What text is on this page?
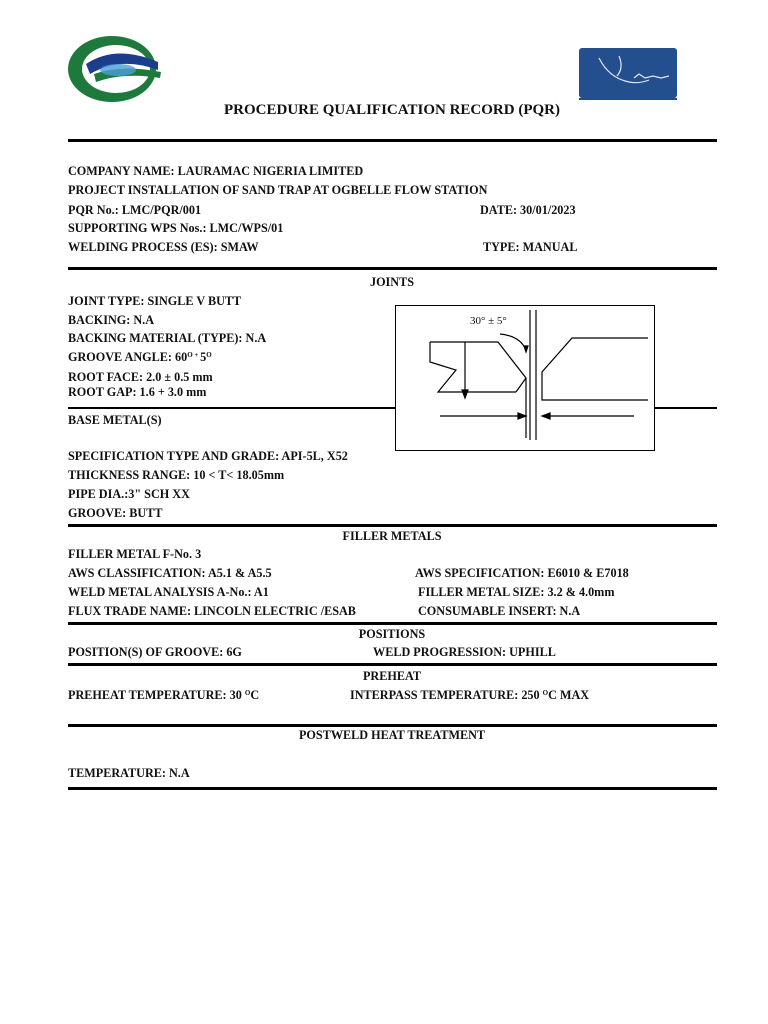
PROCEDURE QUALIFICATION RECORD (PQR)
COMPANY NAME: LAURAMAC NIGERIA LIMITED
PROJECT INSTALLATION OF SAND TRAP AT OGBELLE FLOW STATION
PQR No.: LMC/PQR/001	DATE: 30/01/2023
SUPPORTING WPS Nos.: LMC/WPS/01
WELDING PROCESS (ES): SMAW	TYPE: MANUAL
JOINTS
JOINT TYPE: SINGLE V BUTT
BACKING: N.A
BACKING MATERIAL (TYPE): N.A
GROOVE ANGLE: $60^O$ + $5^O$
ROOT FACE: 2.0 ± 0.5 mm
ROOT GAP: 1.6 + 3.0 mm
30° ± 5°
BASE METAL(S)
SPECIFICATION TYPE AND GRADE: API-5L, X52
THICKNESS RANGE: 10 < T< 18.05mm
PIPE DIA.:3" SCH XX
GROOVE: BUTT
FILLER METALS
FILLER METAL F-No. 3
AWS CLASSIFICATION: A5.1 & A5.5	AWS SPECIFICATION: E6010 & E7018
WELD METAL ANALYSIS A-No.: A1	FILLER METAL SIZE: 3.2 & 4.0mm
FLUX TRADE NAME: LINCOLN ELECTRIC /ESAB	CONSUMABLE INSERT: N.A
POSITIONS
POSITION(S) OF GROOVE: 6G	WELD PROGRESSION: UPHILL
PREHEAT
PREHEAT TEMPERATURE: 30 $^O$C	INTERPASS TEMPERATURE: 250 $^O$C MAX
POSTWELD HEAT TREATMENT
TEMPERATURE: N.A
